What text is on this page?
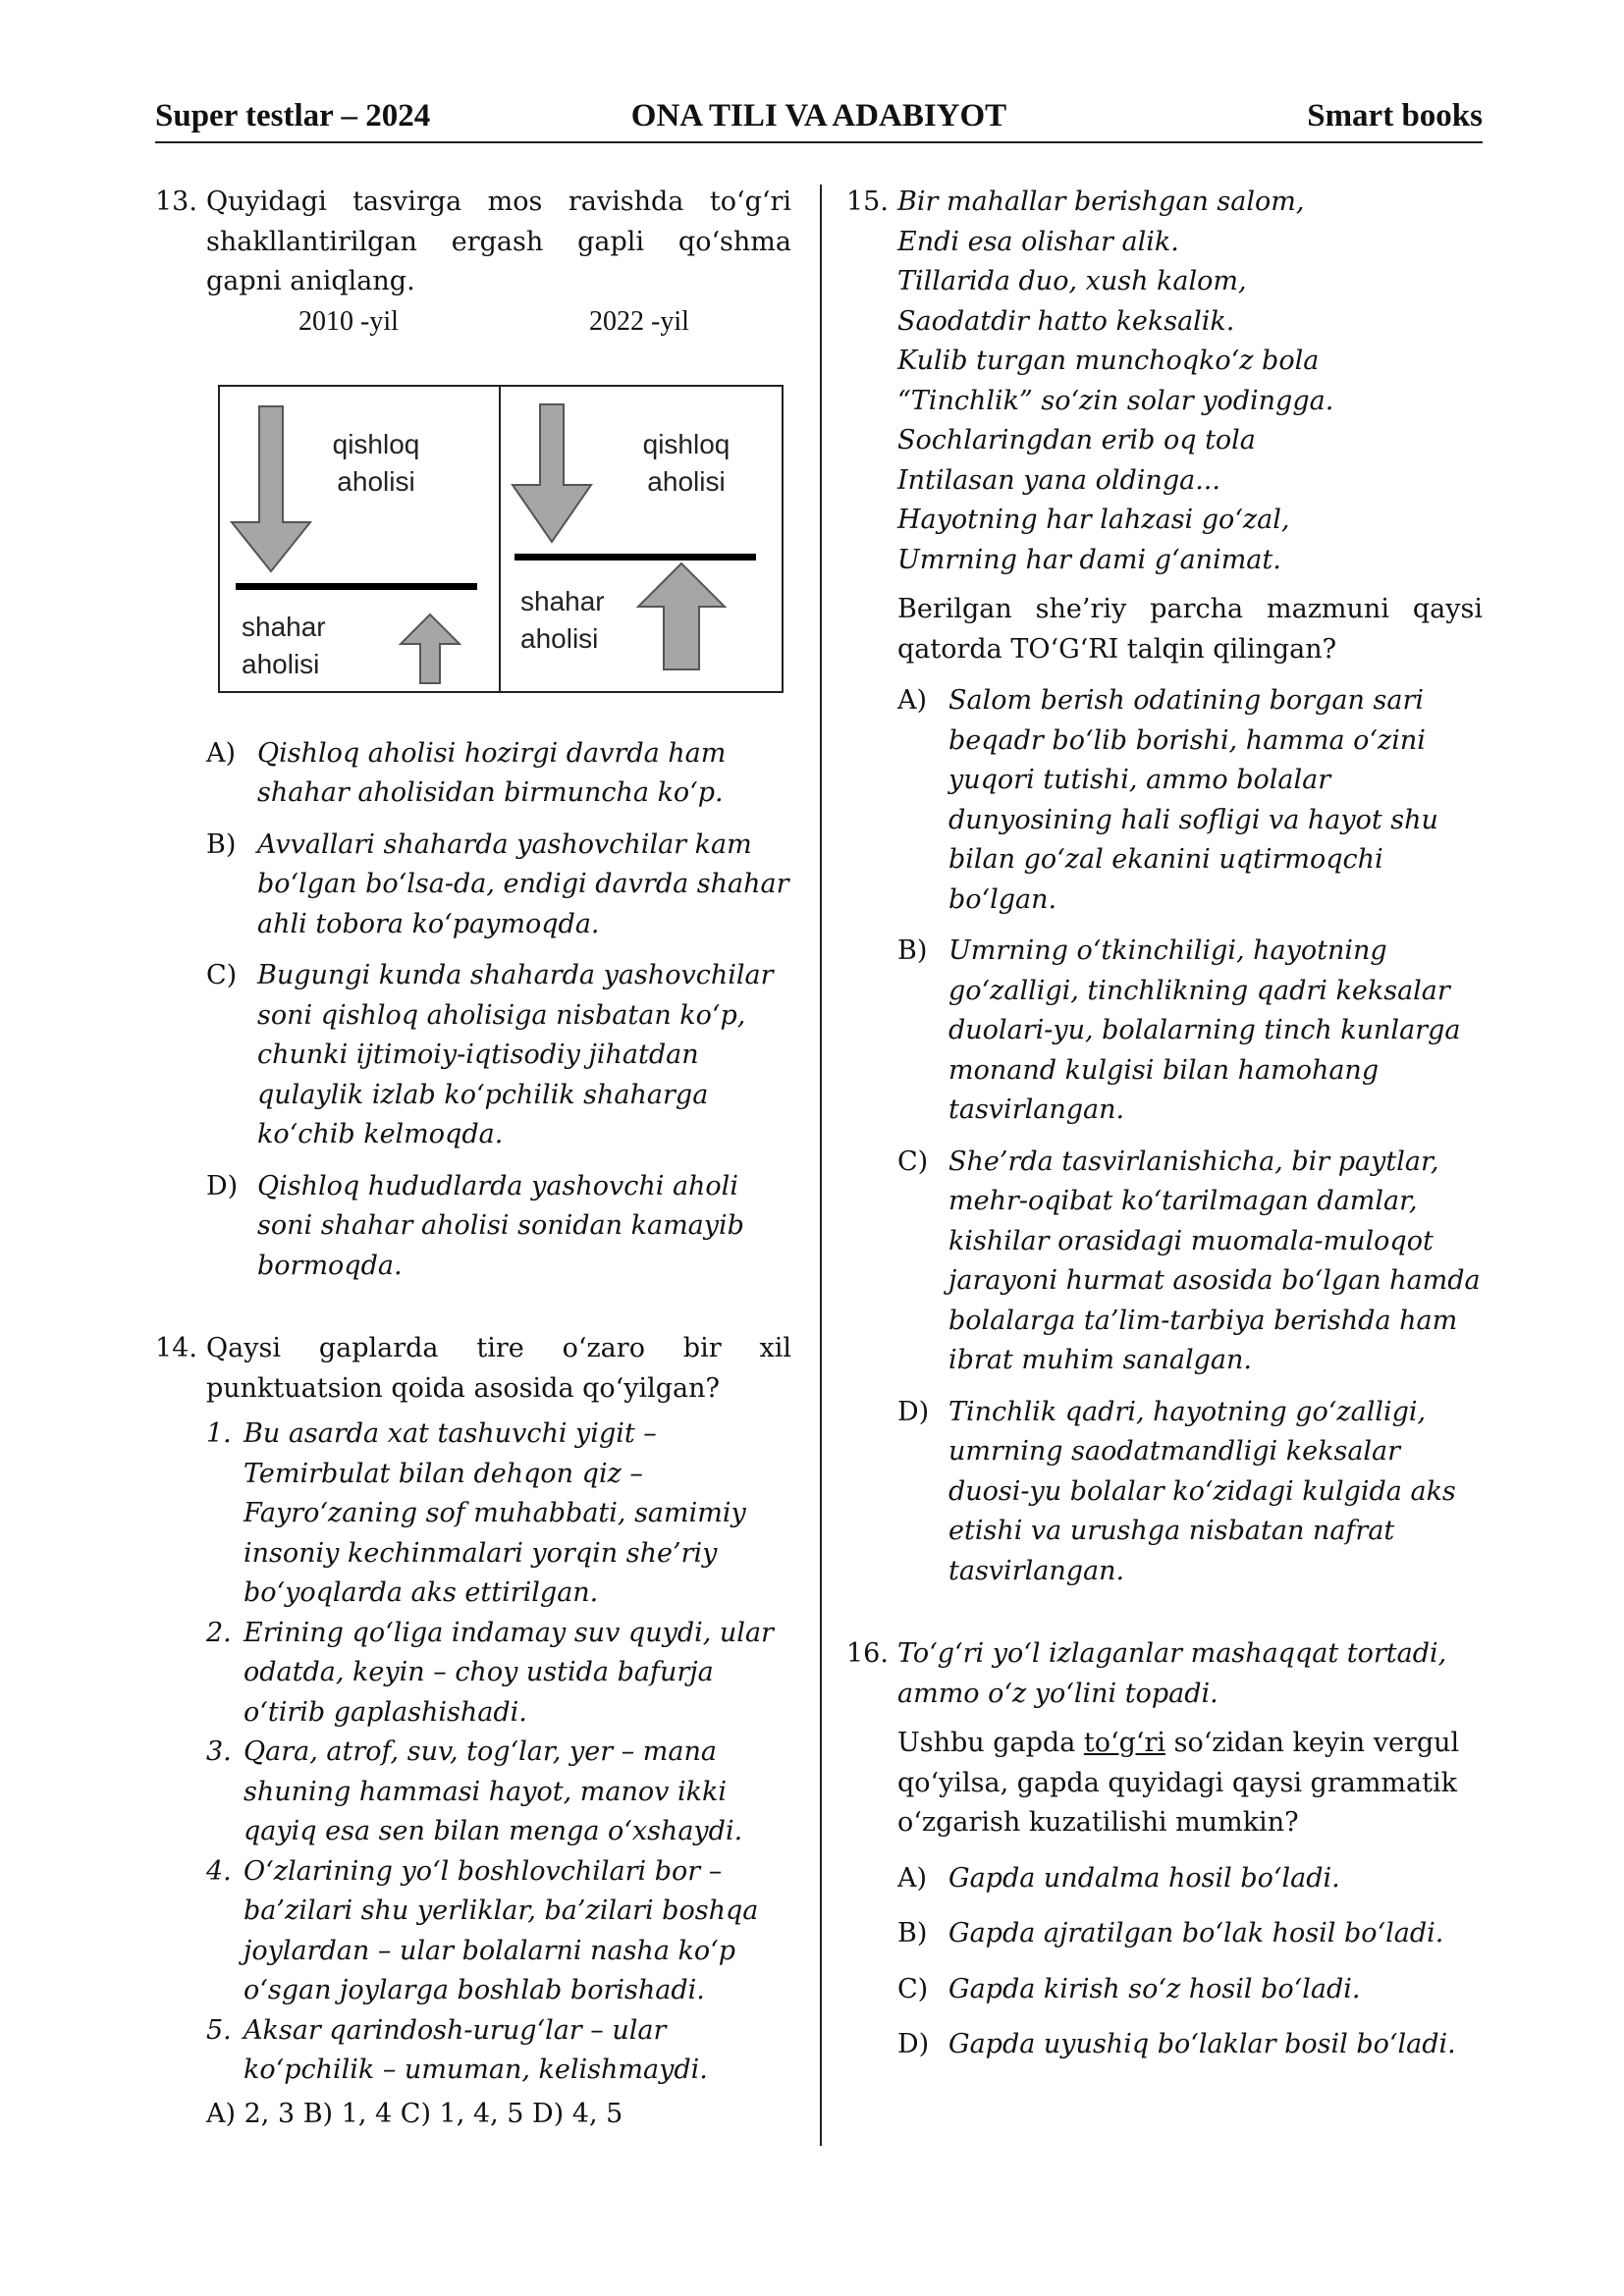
ONA TILI VA ADABIYOT
Super testlar – 2024	Smart books
13. Quyidagi tasvirga mos ravishda to‘g‘ri shakllantirilgan ergash gapli qo‘shma gapni aniqlang.

2010 -yil	2022 -yil
qishloq
aholisi
shahar
aholisi
qishloq
aholisi
shahar
aholisi
A) Qishloq aholisi hozirgi davrda ham shahar aholisidan birmuncha ko‘p.
B) Avvallari shaharda yashovchilar kam bo‘lgan bo‘lsa-da, endigi davrda shahar ahli tobora ko‘paymoqda.
C) Bugungi kunda shaharda yashovchilar soni qishloq aholisiga nisbatan ko‘p, chunki ijtimoiy-iqtisodiy jihatdan qulaylik izlab ko‘pchilik shaharga ko‘chib kelmoqda.
D) Qishloq hududlarda yashovchi aholi soni shahar aholisi sonidan kamayib bormoqda.
14. Qaysi gaplarda tire o‘zaro bir xil punktuatsion qoida asosida qo‘yilgan?

1. Bu asarda xat tashuvchi yigit – Temirbulat bilan dehqon qiz – Fayro‘zaning sof muhabbati, samimiy insoniy kechinmalari yorqin she’riy bo‘yoqlarda aks ettirilgan.
2. Erining qo‘liga indamay suv quydi, ular odatda, keyin – choy ustida bafurja o‘tirib gaplashishadi.
3. Qara, atrof, suv, tog‘lar, yer – mana shuning hammasi hayot, manov ikki qayiq esa sen bilan menga o‘xshaydi.
4. O‘zlarining yo‘l boshlovchilari bor – ba’zilari shu yerliklar, ba’zilari boshqa joylardan – ular bolalarni nasha ko‘p o‘sgan joylarga boshlab borishadi.
5. Aksar qarindosh-urug‘lar – ular ko‘pchilik – umuman, kelishmaydi.
A) 2, 3 B) 1, 4 C) 1, 4, 5 D) 4, 5
15. Bir mahallar berishgan salom,
Endi esa olishar alik.
Tillarida duo, xush kalom,
Saodatdir hatto keksalik.
Kulib turgan munchoqko‘z bola
“Tinchlik” so‘zin solar yodingga.
Sochlaringdan erib oq tola
Intilasan yana oldinga...
Hayotning har lahzasi go‘zal,
Umrning har dami g‘animat.

Berilgan she’riy parcha mazmuni qaysi qatorda TO‘G‘RI talqin qilingan?

A) Salom berish odatining borgan sari beqadr bo‘lib borishi, hamma o‘zini yuqori tutishi, ammo bolalar dunyosining hali sofligi va hayot shu bilan go‘zal ekanini uqtirmoqchi bo‘lgan.
B) Umrning o‘tkinchiligi, hayotning go‘zalligi, tinchlikning qadri keksalar duolari-yu, bolalarning tinch kunlarga monand kulgisi bilan hamohang tasvirlangan.
C) She’rda tasvirlanishicha, bir paytlar, mehr-oqibat ko‘tarilmagan damlar, kishilar orasidagi muomala-muloqot jarayoni hurmat asosida bo‘lgan hamda bolalarga ta’lim-tarbiya berishda ham ibrat muhim sanalgan.
D) Tinchlik qadri, hayotning go‘zalligi, umrning saodatmandligi keksalar duosi-yu bolalar ko‘zidagi kulgida aks etishi va urushga nisbatan nafrat tasvirlangan.
16. To‘g‘ri yo‘l izlaganlar mashaqqat tortadi, ammo o‘z yo‘lini topadi.

Ushbu gapda to‘g‘ri so‘zidan keyin vergul qo‘yilsa, gapda quyidagi qaysi grammatik o‘zgarish kuzatilishi mumkin?

A) Gapda undalma hosil bo‘ladi.
B) Gapda ajratilgan bo‘lak hosil bo‘ladi.
C) Gapda kirish so‘z hosil bo‘ladi.
D) Gapda uyushiq bo‘laklar bosil bo‘ladi.
